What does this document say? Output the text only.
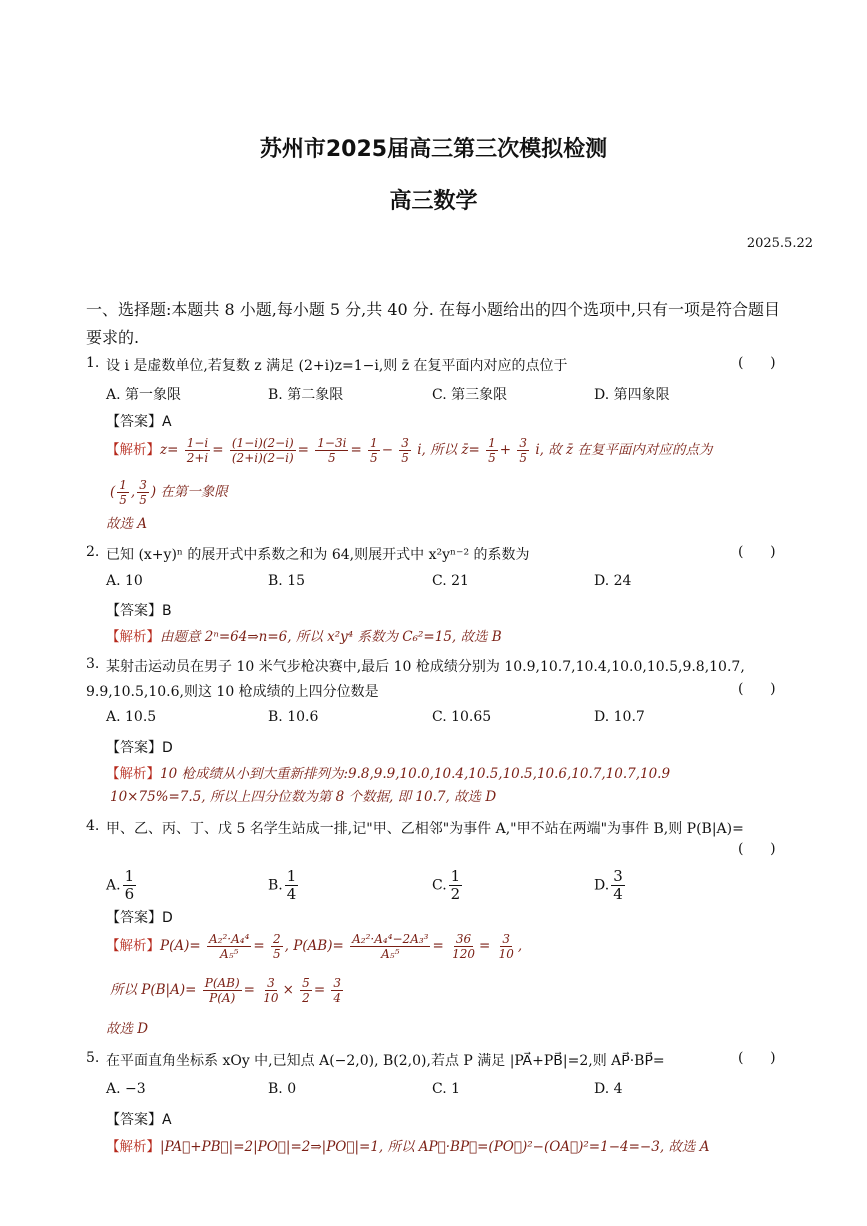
苏州市2025届高三第三次模拟检测
高三数学
2025.5.22
一、选择题:本题共 8 小题,每小题 5 分,共 40 分. 在每小题给出的四个选项中,只有一项是符合题目要求的.
1. 设 i 是虚数单位,若复数 z 满足 (2+i)z=1−i,则 z̄ 在复平面内对应的点位于	(      )
A. 第一象限	B. 第二象限	C. 第三象限	D. 第四象限
【答案】A
【解析】$z= \frac{1-i}{2+i} = \frac{(1-i)(2-i)}{(2+i)(2-i)} = \frac{1-3i}{5} = \frac{1}{5} - \frac{3}{5} i$, 所以 z̄= $\frac{1}{5} + \frac{3}{5} i$, 故 z̄ 在复平面内对应的点为
( $\frac{1}{5}$ , $\frac{3}{5}$ ) 在第一象限
故选 A
2. 已知 (x+y)ⁿ 的展开式中系数之和为 64,则展开式中 x²yⁿ⁻² 的系数为	(      )
A. 10	B. 15	C. 21	D. 24
【答案】B
【解析】由题意 2ⁿ=64⇒n=6, 所以 x²y⁴ 系数为 C₆²=15, 故选 B
3. 某射击运动员在男子 10 米气步枪决赛中,最后 10 枪成绩分别为 10.9,10.7,10.4,10.0,10.5,9.8,10.7,
9.9,10.5,10.6,则这 10 枪成绩的上四分位数是	(      )
A. 10.5	B. 10.6	C. 10.65	D. 10.7
【答案】D
【解析】10 枪成绩从小到大重新排列为:9.8,9.9,10.0,10.4,10.5,10.5,10.6,10.7,10.7,10.9
10×75%=7.5, 所以上四分位数为第 8 个数据, 即 10.7, 故选 D
4. 甲、乙、丙、丁、戊 5 名学生站成一排,记"甲、乙相邻"为事件 A,"甲不站在两端"为事件 B,则 P(B|A)=
(      )
A. $\frac{1}{6}$	B. $\frac{1}{4}$	C. $\frac{1}{2}$	D. $\frac{3}{4}$
【答案】D
【解析】$P(A)= \frac{\text{A₂²·A₄⁴}}{\text{A₅⁵}} = \frac{2}{5}$ , $P(AB)= \frac{\text{A₂²·A₄⁴−2A₃³}}{\text{A₅⁵}} = \frac{36}{120} = \frac{3}{10}$ ,
所以 $P(B|A)= \frac{P(AB)}{P(A)} = \frac{3}{10} \times \frac{5}{2} = \frac{3}{4}$
故选 D
5. 在平面直角坐标系 xOy 中,已知点 A(−2,0), B(2,0),若点 P 满足 |PA⃗+PB⃗|=2,则 AP⃗·BP⃗=	(      )
A. −3	B. 0	C. 1	D. 4
【答案】A
【解析】|PA⃗+PB⃗|=2|PO⃗|=2⇒|PO⃗|=1, 所以 AP⃗·BP⃗=(PO⃗)²−(OA⃗)²=1−4=−3, 故选 A
